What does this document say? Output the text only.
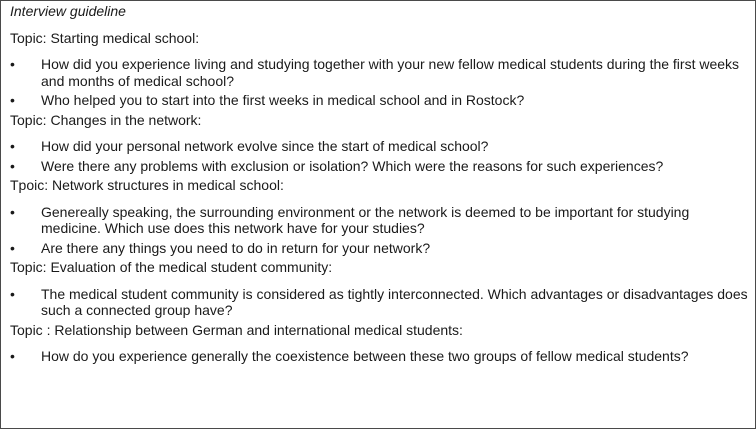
Interview guideline
Topic: Starting medical school:
•	How did you experience living and studying together with your new fellow medical students during the first weeks and months of medical school?
•	Who helped you to start into the first weeks in medical school and in Rostock?
Topic: Changes in the network:
•	How did your personal network evolve since the start of medical school?
•	Were there any problems with exclusion or isolation? Which were the reasons for such experiences?
Tpoic: Network structures in medical school:
•	Genereally speaking, the surrounding environment or the network is deemed to be important for studying medicine. Which use does this network have for your studies?
•	Are there any things you need to do in return for your network?
Topic: Evaluation of the medical student community:
•	The medical student community is considered as tightly interconnected. Which advantages or disadvantages does such a connected group have?
Topic : Relationship between German and international medical students:
•	How do you experience generally the coexistence between these two groups of fellow medical students?
